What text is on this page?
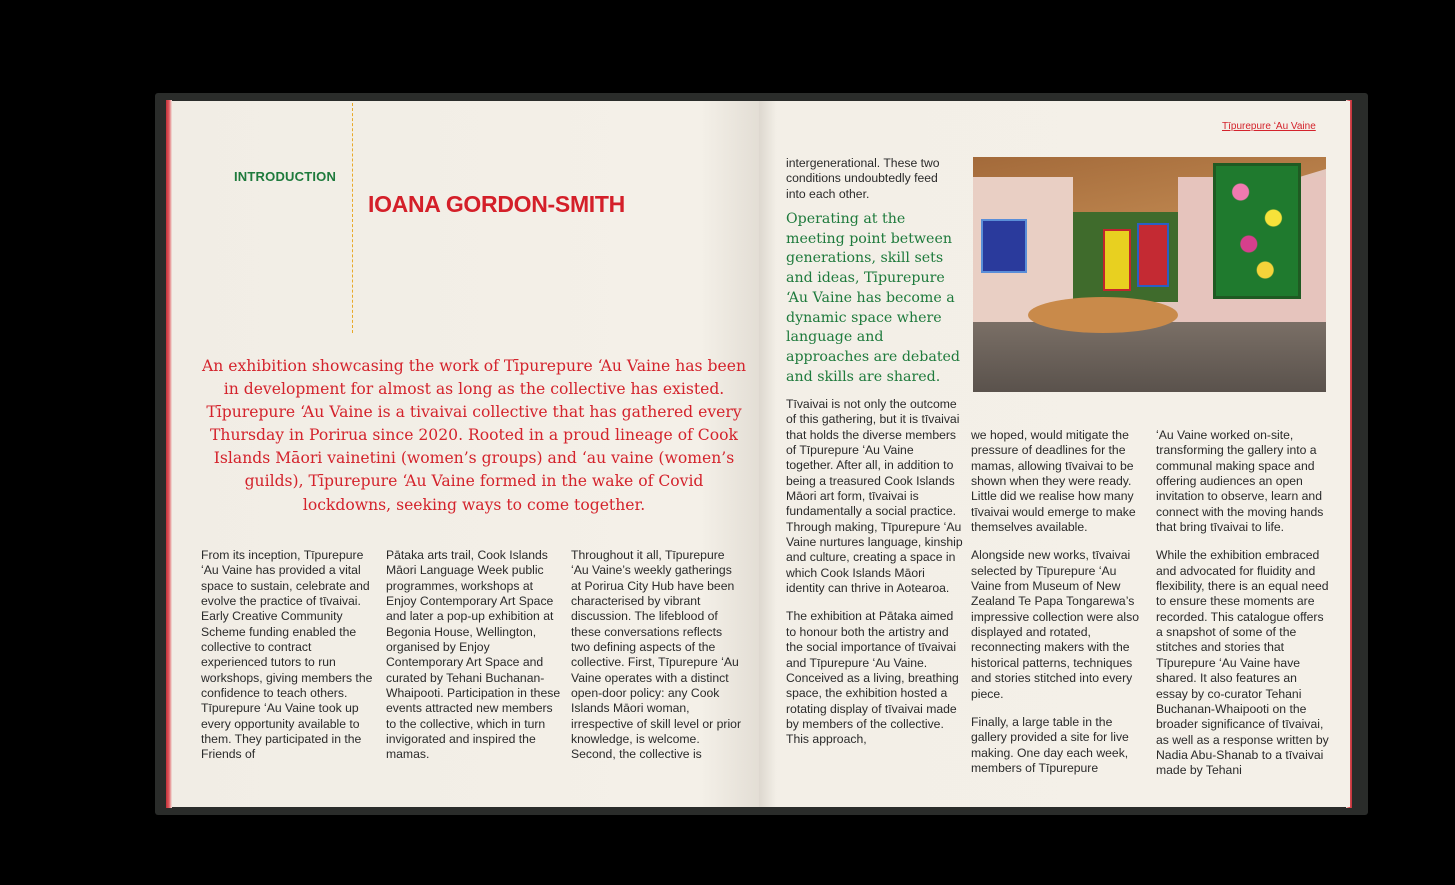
INTRODUCTION
IOANA GORDON-SMITH
An exhibition showcasing the work of Tīpurepure ʻAu Vaine has been in development for almost as long as the collective has existed. Tīpurepure ʻAu Vaine is a tivaivai collective that has gathered every Thursday in Porirua since 2020. Rooted in a proud lineage of Cook Islands Māori vainetini (women’s groups) and ʻau vaine (women’s guilds), Tīpurepure ʻAu Vaine formed in the wake of Covid lockdowns, seeking ways to come together.

From its inception, Tīpurepure ʻAu Vaine has provided a vital space to sustain, celebrate and evolve the practice of tīvaivai. Early Creative Community Scheme funding enabled the collective to contract experienced tutors to run workshops, giving members the confidence to teach others. Tīpurepure ʻAu Vaine took up every opportunity available to them. They participated in the Friends of

Pātaka arts trail, Cook Islands Māori Language Week public programmes, workshops at Enjoy Contemporary Art Space and later a pop-up exhibition at Begonia House, Wellington, organised by Enjoy Contemporary Art Space and curated by Tehani Buchanan-Whaipooti. Participation in these events attracted new members to the collective, which in turn invigorated and inspired the mamas.

Throughout it all, Tīpurepure ʻAu Vaine’s weekly gatherings at Porirua City Hub have been characterised by vibrant discussion. The lifeblood of these conversations reflects two defining aspects of the collective. First, Tīpurepure ʻAu Vaine operates with a distinct open-door policy: any Cook Islands Māori woman, irrespective of skill level or prior knowledge, is welcome. Second, the collective is

Tīpurepure ʻAu Vaine

intergenerational. These two conditions undoubtedly feed into each other.

Operating at the meeting point between generations, skill sets and ideas, Tīpurepure ʻAu Vaine has become a dynamic space where language and approaches are debated and skills are shared.

Tīvaivai is not only the outcome of this gathering, but it is tīvaivai that holds the diverse members of Tīpurepure ʻAu Vaine together. After all, in addition to being a treasured Cook Islands Māori art form, tīvaivai is fundamentally a social practice. Through making, Tīpurepure ʻAu Vaine nurtures language, kinship and culture, creating a space in which Cook Islands Māori identity can thrive in Aotearoa.

The exhibition at Pātaka aimed to honour both the artistry and the social importance of tīvaivai and Tīpurepure ʻAu Vaine. Conceived as a living, breathing space, the exhibition hosted a rotating display of tīvaivai made by members of the collective. This approach,

we hoped, would mitigate the pressure of deadlines for the mamas, allowing tīvaivai to be shown when they were ready. Little did we realise how many tīvaivai would emerge to make themselves available.

Alongside new works, tīvaivai selected by Tīpurepure ʻAu Vaine from Museum of New Zealand Te Papa Tongarewa’s impressive collection were also displayed and rotated, reconnecting makers with the historical patterns, techniques and stories stitched into every piece.

Finally, a large table in the gallery provided a site for live making. One day each week, members of Tīpurepure

ʻAu Vaine worked on-site, transforming the gallery into a communal making space and offering audiences an open invitation to observe, learn and connect with the moving hands that bring tīvaivai to life.

While the exhibition embraced and advocated for fluidity and flexibility, there is an equal need to ensure these moments are recorded. This catalogue offers a snapshot of some of the stitches and stories that Tīpurepure ʻAu Vaine have shared. It also features an essay by co-curator Tehani Buchanan-Whaipooti on the broader significance of tīvaivai, as well as a response written by Nadia Abu-Shanab to a tīvaivai made by Tehani
